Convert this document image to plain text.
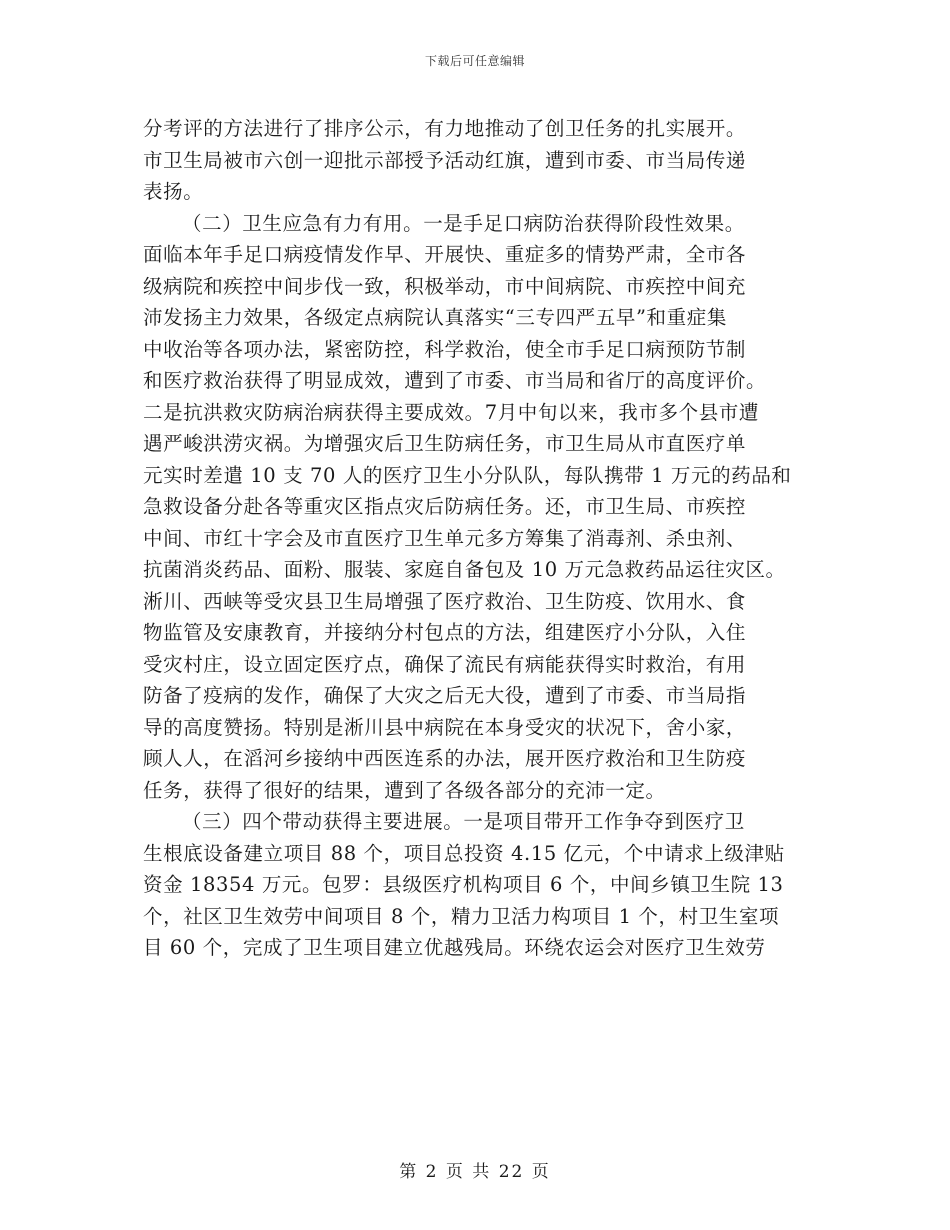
下载后可任意编辑
分考评的方法进行了排序公示，有力地推动了创卫任务的扎实展开。
市卫生局被市六创一迎批示部授予活动红旗，遭到市委、市当局传递
表扬。
（二）卫生应急有力有用。一是手足口病防治获得阶段性效果。
面临本年手足口病疫情发作早、开展快、重症多的情势严肃，全市各
级病院和疾控中间步伐一致，积极举动，市中间病院、市疾控中间充
沛发扬主力效果，各级定点病院认真落实“三专四严五早”和重症集
中收治等各项办法，紧密防控，科学救治，使全市手足口病预防节制
和医疗救治获得了明显成效，遭到了市委、市当局和省厅的高度评价。
二是抗洪救灾防病治病获得主要成效。7月中旬以来，我市多个县市遭
遇严峻洪涝灾祸。为增强灾后卫生防病任务，市卫生局从市直医疗单
元实时差遣 10 支 70 人的医疗卫生小分队队，每队携带 1 万元的药品和
急救设备分赴各等重灾区指点灾后防病任务。还，市卫生局、市疾控
中间、市红十字会及市直医疗卫生单元多方筹集了消毒剂、杀虫剂、
抗菌消炎药品、面粉、服装、家庭自备包及 10 万元急救药品运往灾区。
淅川、西峡等受灾县卫生局增强了医疗救治、卫生防疫、饮用水、食
物监管及安康教育，并接纳分村包点的方法，组建医疗小分队，入住
受灾村庄，设立固定医疗点，确保了流民有病能获得实时救治，有用
防备了疫病的发作，确保了大灾之后无大役，遭到了市委、市当局指
导的高度赞扬。特别是淅川县中病院在本身受灾的状况下，舍小家，
顾人人，在滔河乡接纳中西医连系的办法，展开医疗救治和卫生防疫
任务，获得了很好的结果，遭到了各级各部分的充沛一定。
（三）四个带动获得主要进展。一是项目带开工作争夺到医疗卫
生根底设备建立项目 88 个，项目总投资 4.15 亿元，个中请求上级津贴
资金 18354 万元。包罗：县级医疗机构项目 6 个，中间乡镇卫生院 13
个，社区卫生效劳中间项目 8 个，精力卫活力构项目 1 个，村卫生室项
目 60 个，完成了卫生项目建立优越残局。环绕农运会对医疗卫生效劳
第 2 页 共 22 页
